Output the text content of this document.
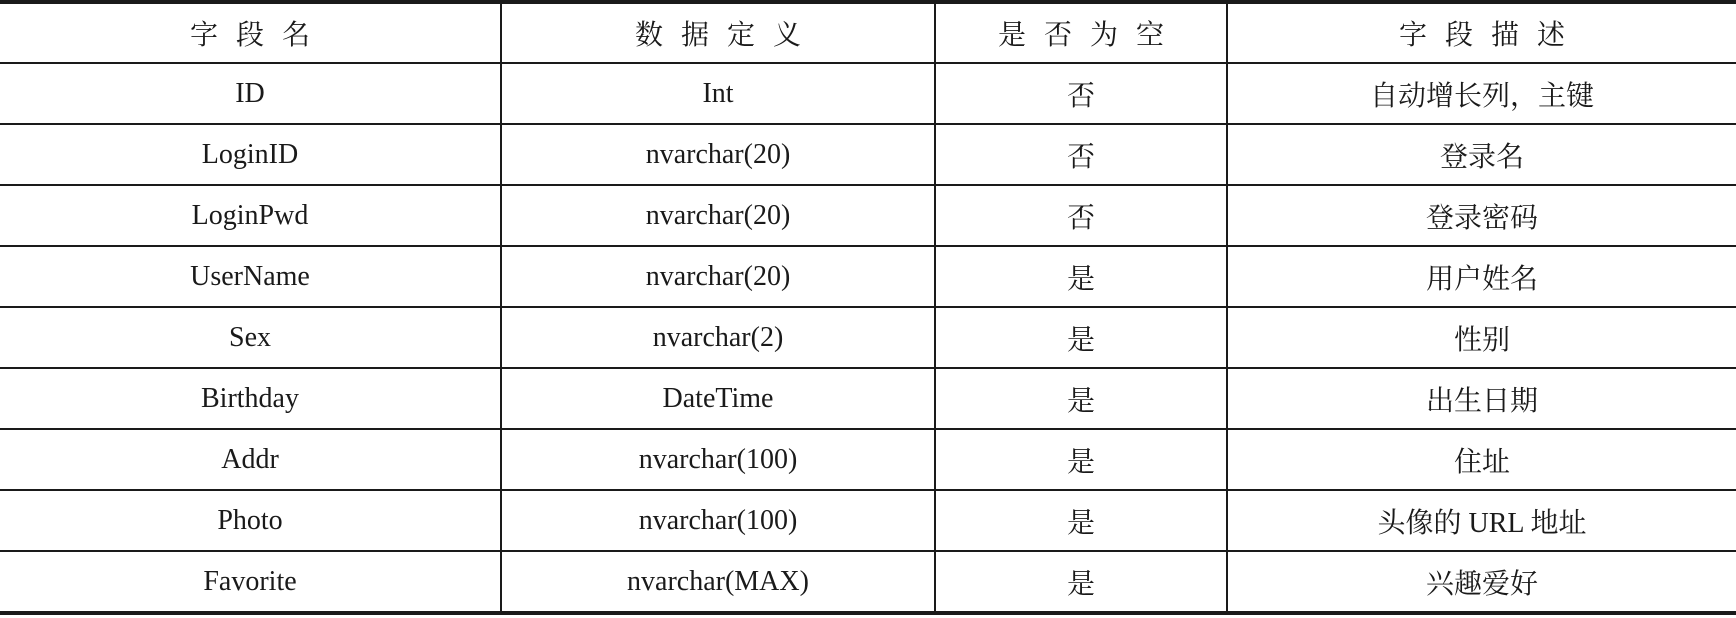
字段名	数据定义	是否为空	字段描述
ID	Int	否	自动增长列，主键
LoginID	nvarchar(20)	否	登录名
LoginPwd	nvarchar(20)	否	登录密码
UserName	nvarchar(20)	是	用户姓名
Sex	nvarchar(2)	是	性别
Birthday	DateTime	是	出生日期
Addr	nvarchar(100)	是	住址
Photo	nvarchar(100)	是	头像的 URL 地址
Favorite	nvarchar(MAX)	是	兴趣爱好
